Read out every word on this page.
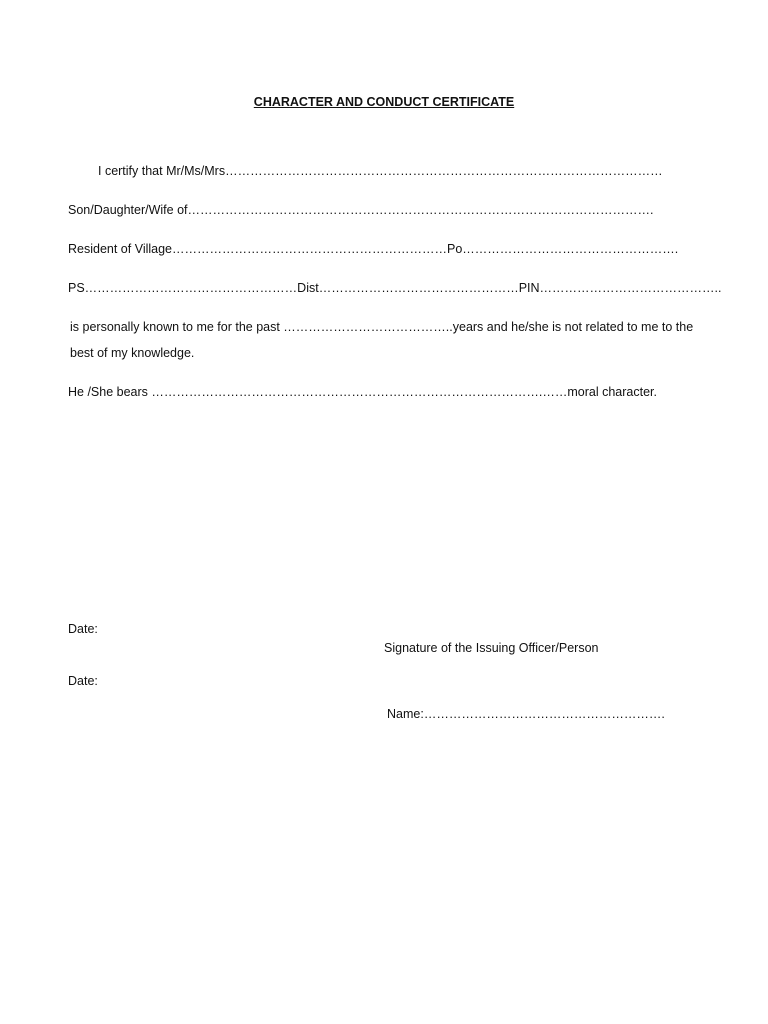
CHARACTER AND CONDUCT CERTIFICATE
I certify that Mr/Ms/Mrs……………………………………………………………………………………………
Son/Daughter/Wife of………………………………………………………………………………………………….
Resident of Village…………………………………………………………Po…………………………………………….
PS……………………………………………Dist…………………………………………PIN……………………………………..
is personally known to me for the past …………………………………..years and he/she is not related to me to the best of my knowledge.
He /She bears ………………………………………………………………………………….……moral character.
Date:
Signature of the Issuing Officer/Person
Date:
Name:………………………………………………….
